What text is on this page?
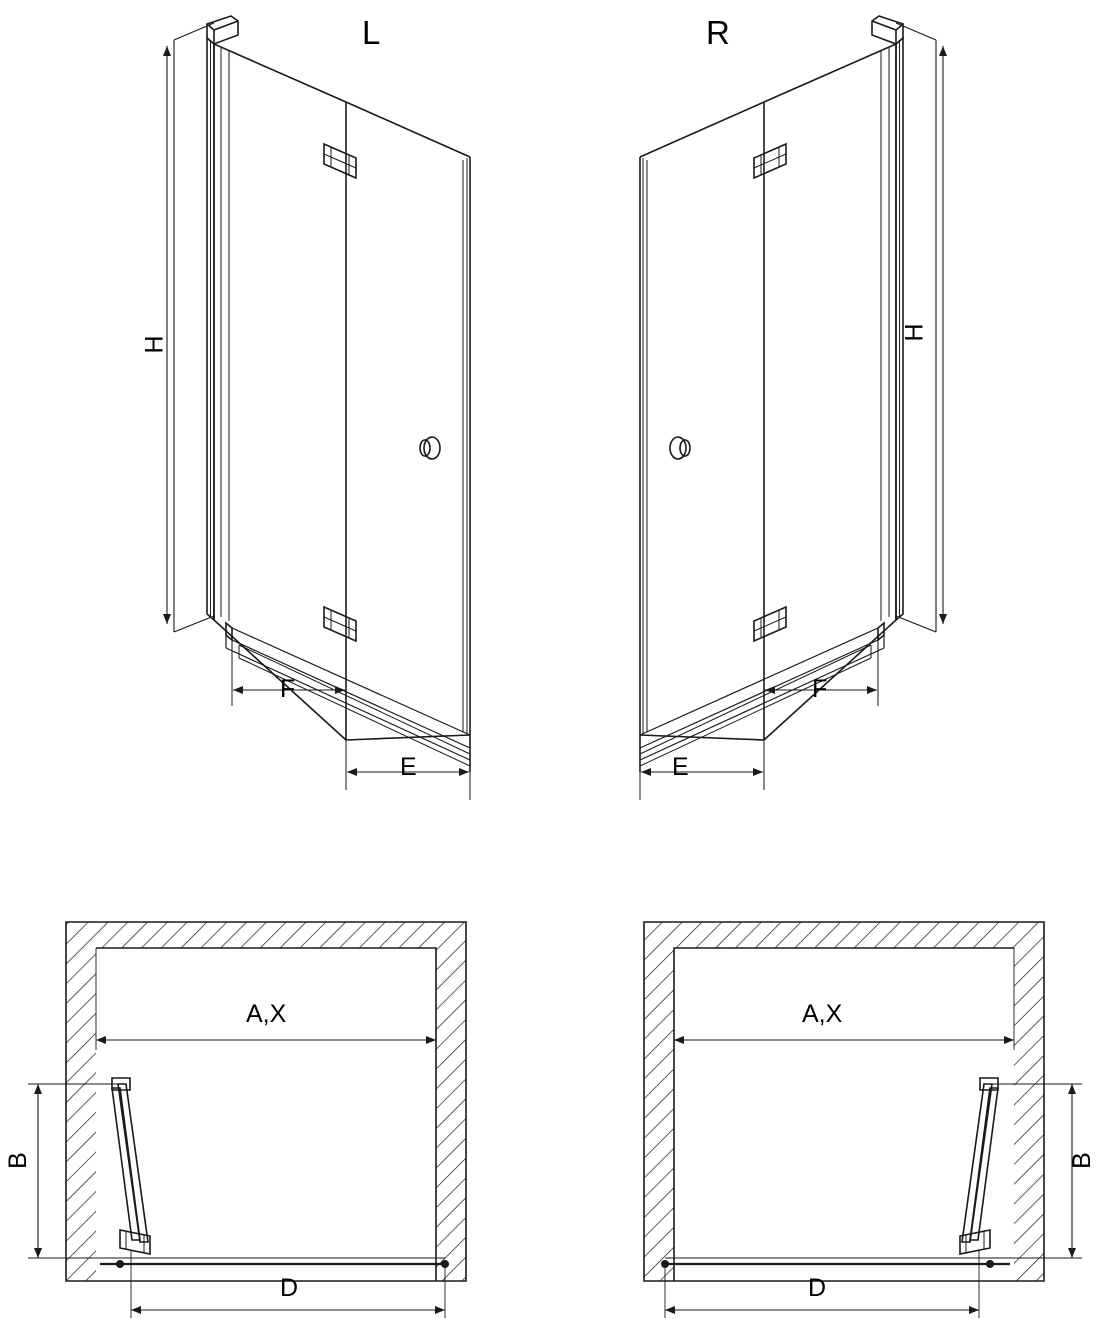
L	R
H
H
F
E	E
F
A,X	A,X
B	B
D	D
